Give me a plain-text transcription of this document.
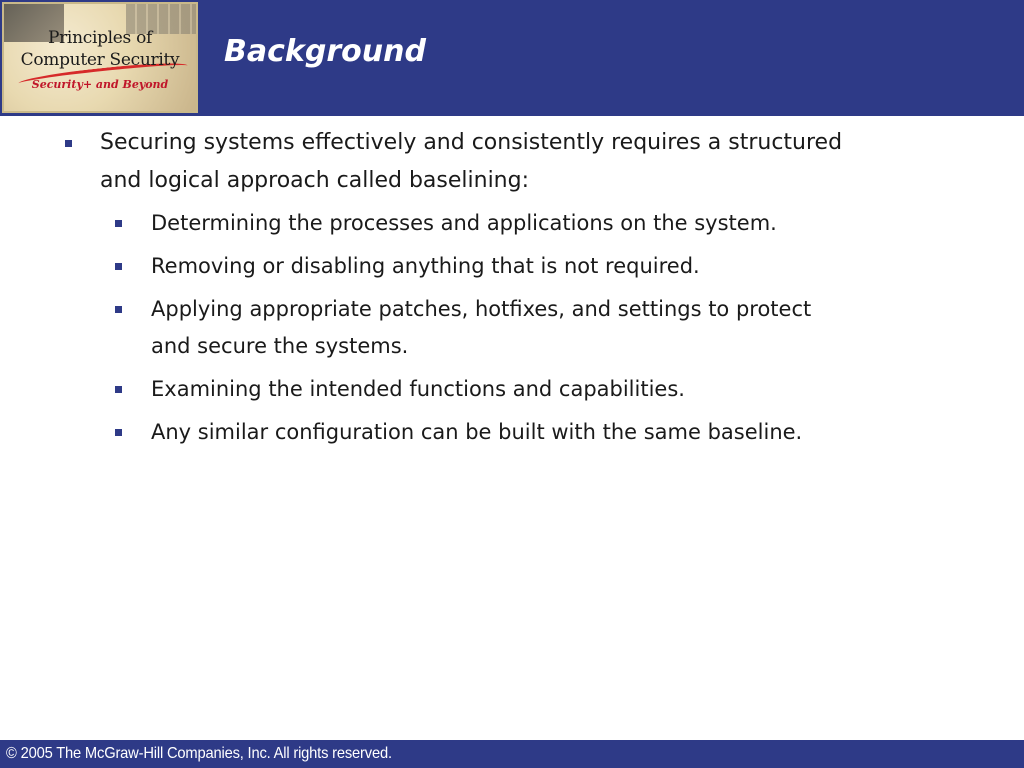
Principles of
Computer Security
Security+ and Beyond
Background
Securing systems effectively and consistently requires a structured
and logical approach called baselining:
Determining the processes and applications on the system.
Removing or disabling anything that is not required.
Applying appropriate patches, hotfixes, and settings to protect
and secure the systems.
Examining the intended functions and capabilities.
Any similar configuration can be built with the same baseline.
© 2005 The McGraw-Hill Companies, Inc. All rights reserved.
